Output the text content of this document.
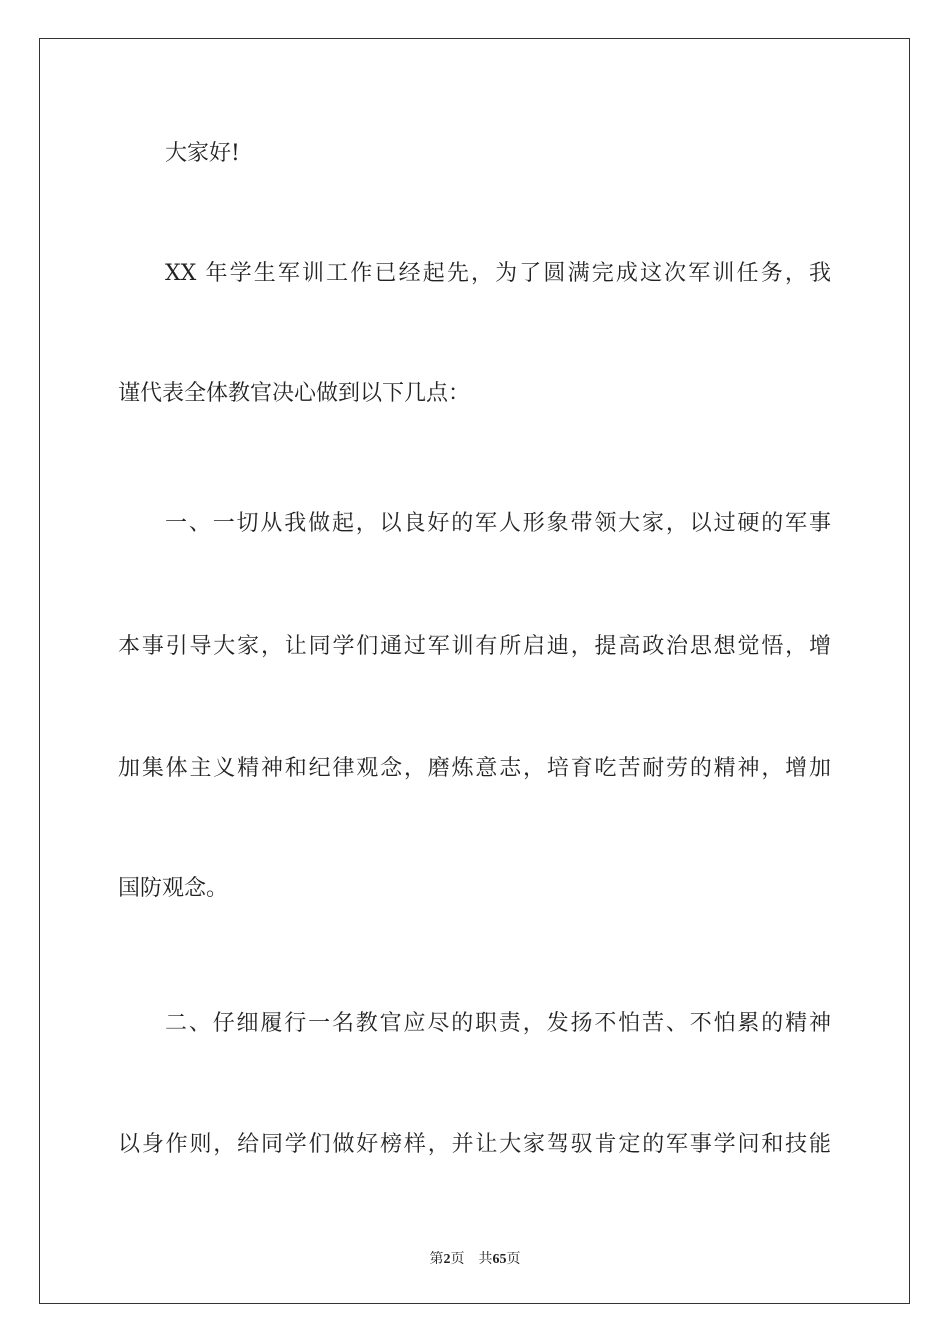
大家好!

XX 年学生军训工作已经起先，为了圆满完成这次军训任务，我

谨代表全体教官决心做到以下几点：

一、一切从我做起，以良好的军人形象带领大家，以过硬的军事

本事引导大家，让同学们通过军训有所启迪，提高政治思想觉悟，增

加集体主义精神和纪律观念，磨炼意志，培育吃苦耐劳的精神，增加

国防观念。

二、仔细履行一名教官应尽的职责，发扬不怕苦、不怕累的精神

以身作则，给同学们做好榜样，并让大家驾驭肯定的军事学问和技能

第2页 共65页
